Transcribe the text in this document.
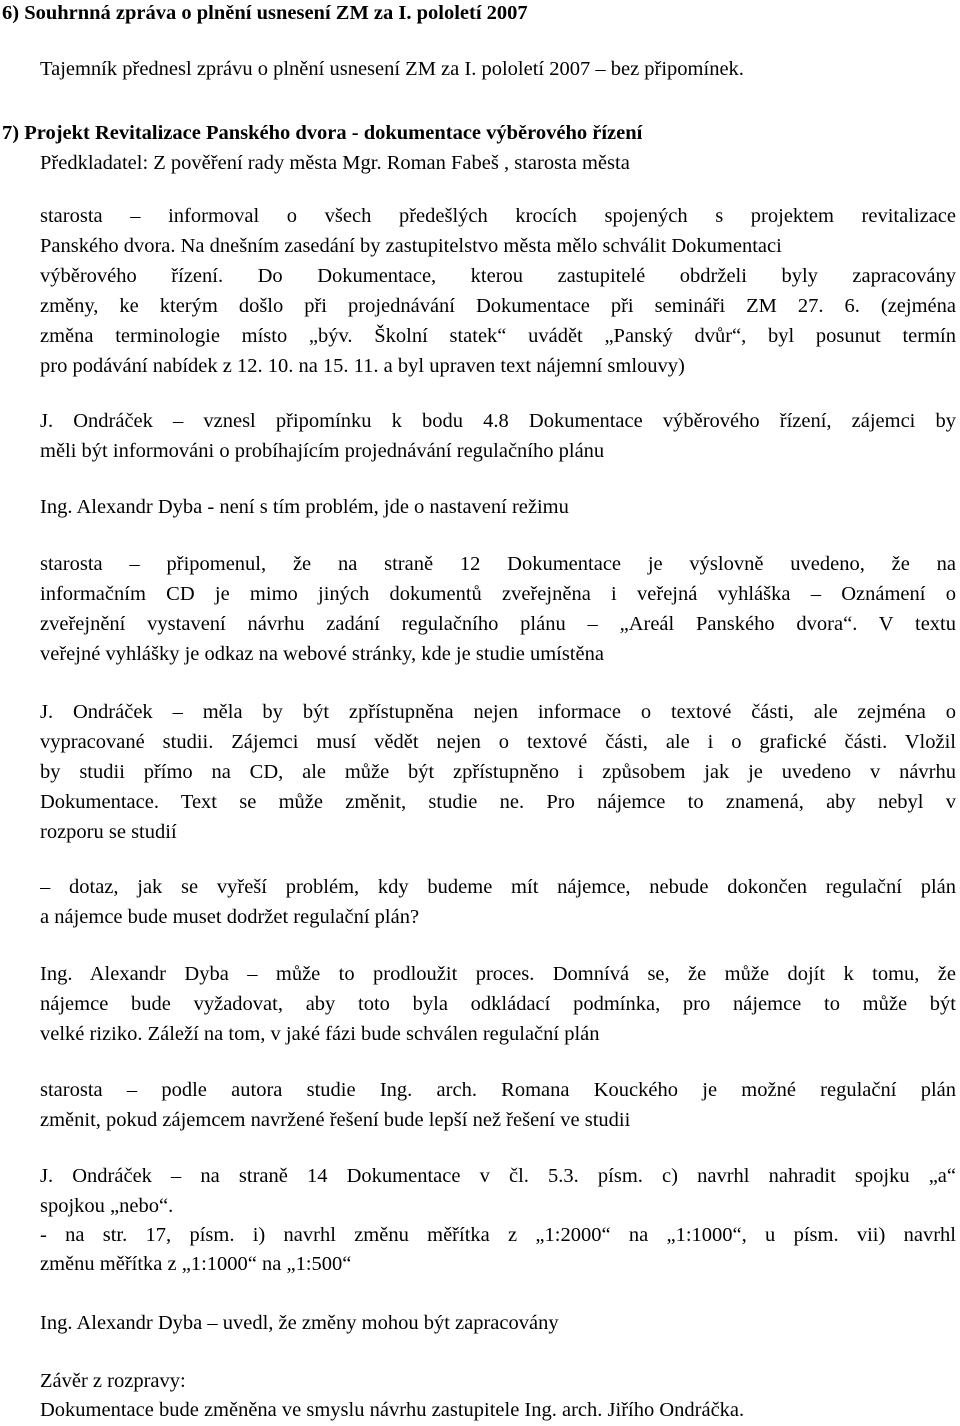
6) Souhrnná zpráva o plnění usnesení ZM za I. pololetí 2007
Tajemník přednesl zprávu o plnění usnesení ZM za I. pololetí 2007 – bez připomínek.
7) Projekt Revitalizace Panského dvora - dokumentace výběrového řízení
Předkladatel: Z pověření rady města Mgr. Roman Fabeš , starosta města
starosta – informoval o všech předešlých krocích spojených s projektem revitalizace
Panského dvora. Na dnešním zasedání by zastupitelstvo města mělo schválit Dokumentaci
výběrového řízení. Do Dokumentace, kterou zastupitelé obdrželi byly zapracovány
změny, ke kterým došlo při projednávání Dokumentace při semináři ZM 27. 6. (zejména
změna terminologie místo „býv. Školní statek“ uvádět „Panský dvůr“, byl posunut termín
pro podávání nabídek z 12. 10. na 15. 11. a byl upraven text nájemní smlouvy)
J. Ondráček – vznesl připomínku k bodu 4.8 Dokumentace výběrového řízení, zájemci by
měli být informováni o probíhajícím projednávání regulačního plánu
Ing. Alexandr Dyba - není s tím problém, jde o nastavení režimu
starosta – připomenul, že na straně 12 Dokumentace je výslovně uvedeno, že na
informačním CD je mimo jiných dokumentů zveřejněna i veřejná vyhláška – Oznámení o
zveřejnění vystavení návrhu zadání regulačního plánu – „Areál Panského dvora“. V textu
veřejné vyhlášky je odkaz na webové stránky, kde je studie umístěna
J. Ondráček – měla by být zpřístupněna nejen informace o textové části, ale zejména o
vypracované studii. Zájemci musí vědět nejen o textové části, ale i o grafické části. Vložil
by studii přímo na CD, ale může být zpřístupněno i způsobem jak je uvedeno v návrhu
Dokumentace. Text se může změnit, studie ne. Pro nájemce to znamená, aby nebyl v
rozporu se studií
– dotaz, jak se vyřeší problém, kdy budeme mít nájemce, nebude dokončen regulační plán
a nájemce bude muset dodržet regulační plán?
Ing. Alexandr Dyba – může to prodloužit proces. Domnívá se, že může dojít k tomu, že
nájemce bude vyžadovat, aby toto byla odkládací podmínka, pro nájemce to může být
velké riziko. Záleží na tom, v jaké fázi bude schválen regulační plán
starosta – podle autora studie Ing. arch. Romana Kouckého je možné regulační plán
změnit, pokud zájemcem navržené řešení bude lepší než řešení ve studii
J. Ondráček – na straně 14 Dokumentace v čl. 5.3. písm. c) navrhl nahradit spojku „a“
spojkou „nebo“.
- na str. 17, písm. i) navrhl změnu měřítka z „1:2000“ na „1:1000“, u písm. vii) navrhl
změnu měřítka z „1:1000“ na „1:500“
Ing. Alexandr Dyba – uvedl, že změny mohou být zapracovány
Závěr z rozpravy:
Dokumentace bude změněna ve smyslu návrhu zastupitele Ing. arch. Jiřího Ondráčka.
